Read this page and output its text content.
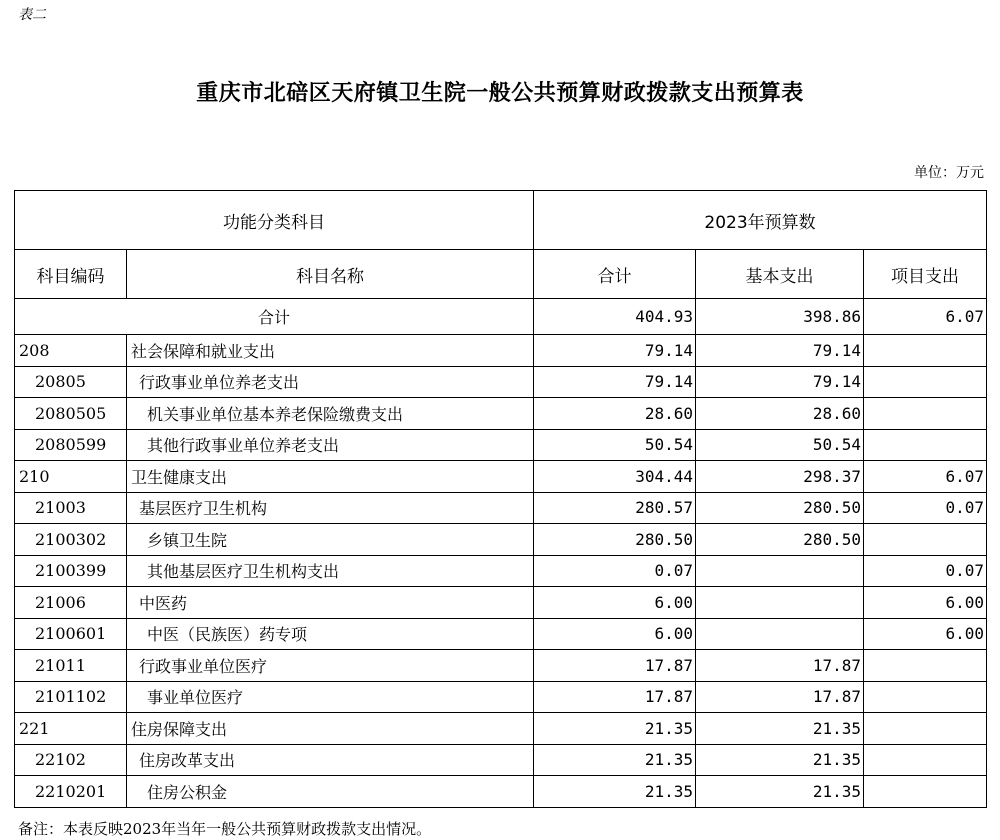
表二
重庆市北碚区天府镇卫生院一般公共预算财政拨款支出预算表
单位：万元
功能分类科目		2023年预算数		
科目编码	科目名称	合计	基本支出	项目支出
合计		404.93	398.86	6.07
208	社会保障和就业支出	79.14	79.14	
20805	行政事业单位养老支出	79.14	79.14	
2080505	机关事业单位基本养老保险缴费支出	28.60	28.60	
2080599	其他行政事业单位养老支出	50.54	50.54	
210	卫生健康支出	304.44	298.37	6.07
21003	基层医疗卫生机构	280.57	280.50	0.07
2100302	乡镇卫生院	280.50	280.50	
2100399	其他基层医疗卫生机构支出	0.07		0.07
21006	中医药	6.00		6.00
2100601	中医（民族医）药专项	6.00		6.00
21011	行政事业单位医疗	17.87	17.87	
2101102	事业单位医疗	17.87	17.87	
221	住房保障支出	21.35	21.35	
22102	住房改革支出	21.35	21.35	
2210201	住房公积金	21.35	21.35	
备注：本表反映2023年当年一般公共预算财政拨款支出情况。
